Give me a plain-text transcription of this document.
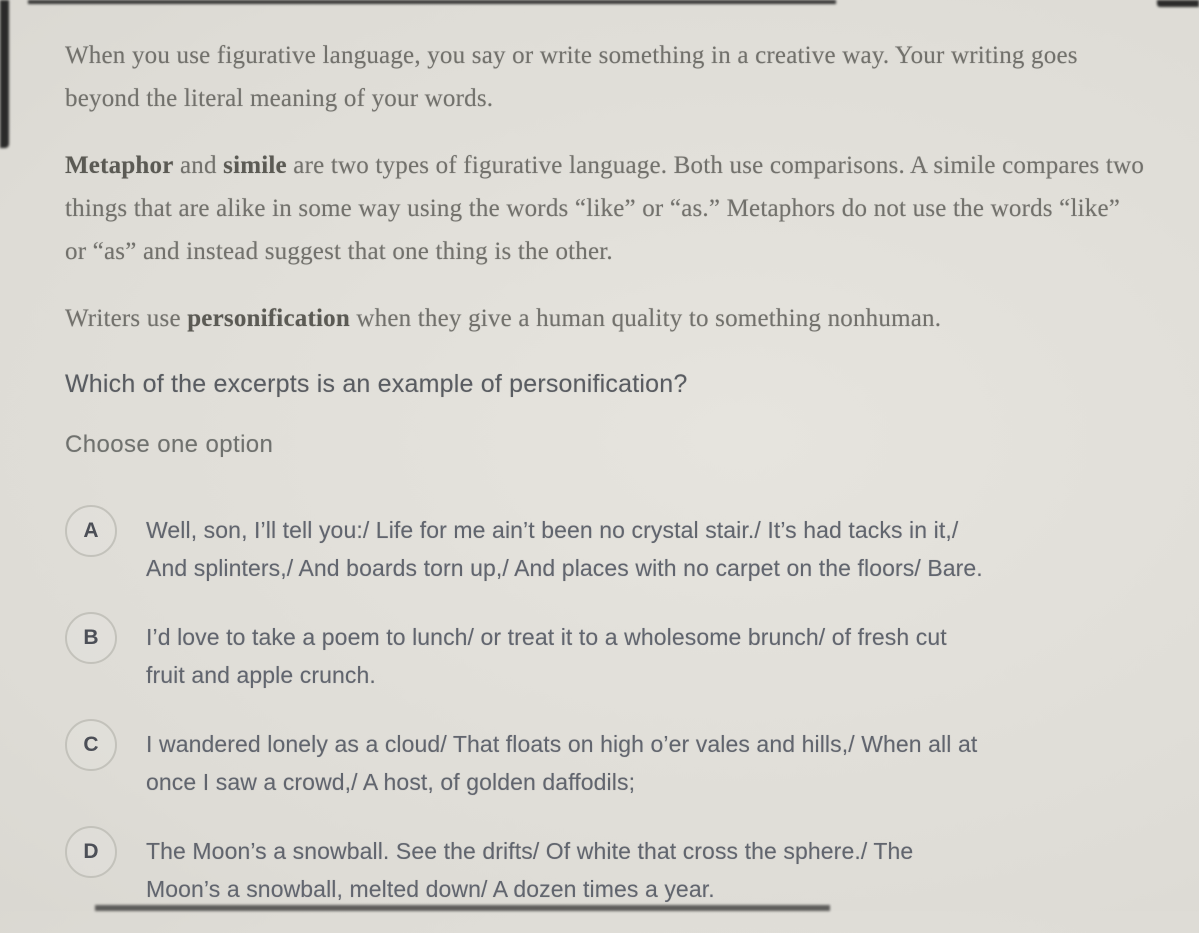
When you use figurative language, you say or write something in a creative way. Your writing goes beyond the literal meaning of your words.

Metaphor and simile are two types of figurative language. Both use comparisons. A simile compares two things that are alike in some way using the words “like” or “as.” Metaphors do not use the words “like” or “as” and instead suggest that one thing is the other.

Writers use personification when they give a human quality to something nonhuman.

Which of the excerpts is an example of personification?
Choose one option
A	Well, son, I’ll tell you:/ Life for me ain’t been no crystal stair./ It’s had tacks in it,/
And splinters,/ And boards torn up,/ And places with no carpet on the floors/ Bare.
B	I’d love to take a poem to lunch/ or treat it to a wholesome brunch/ of fresh cut
fruit and apple crunch.
C	I wandered lonely as a cloud/ That floats on high o’er vales and hills,/ When all at
once I saw a crowd,/ A host, of golden daffodils;
D	The Moon’s a snowball. See the drifts/ Of white that cross the sphere./ The
Moon’s a snowball, melted down/ A dozen times a year.
